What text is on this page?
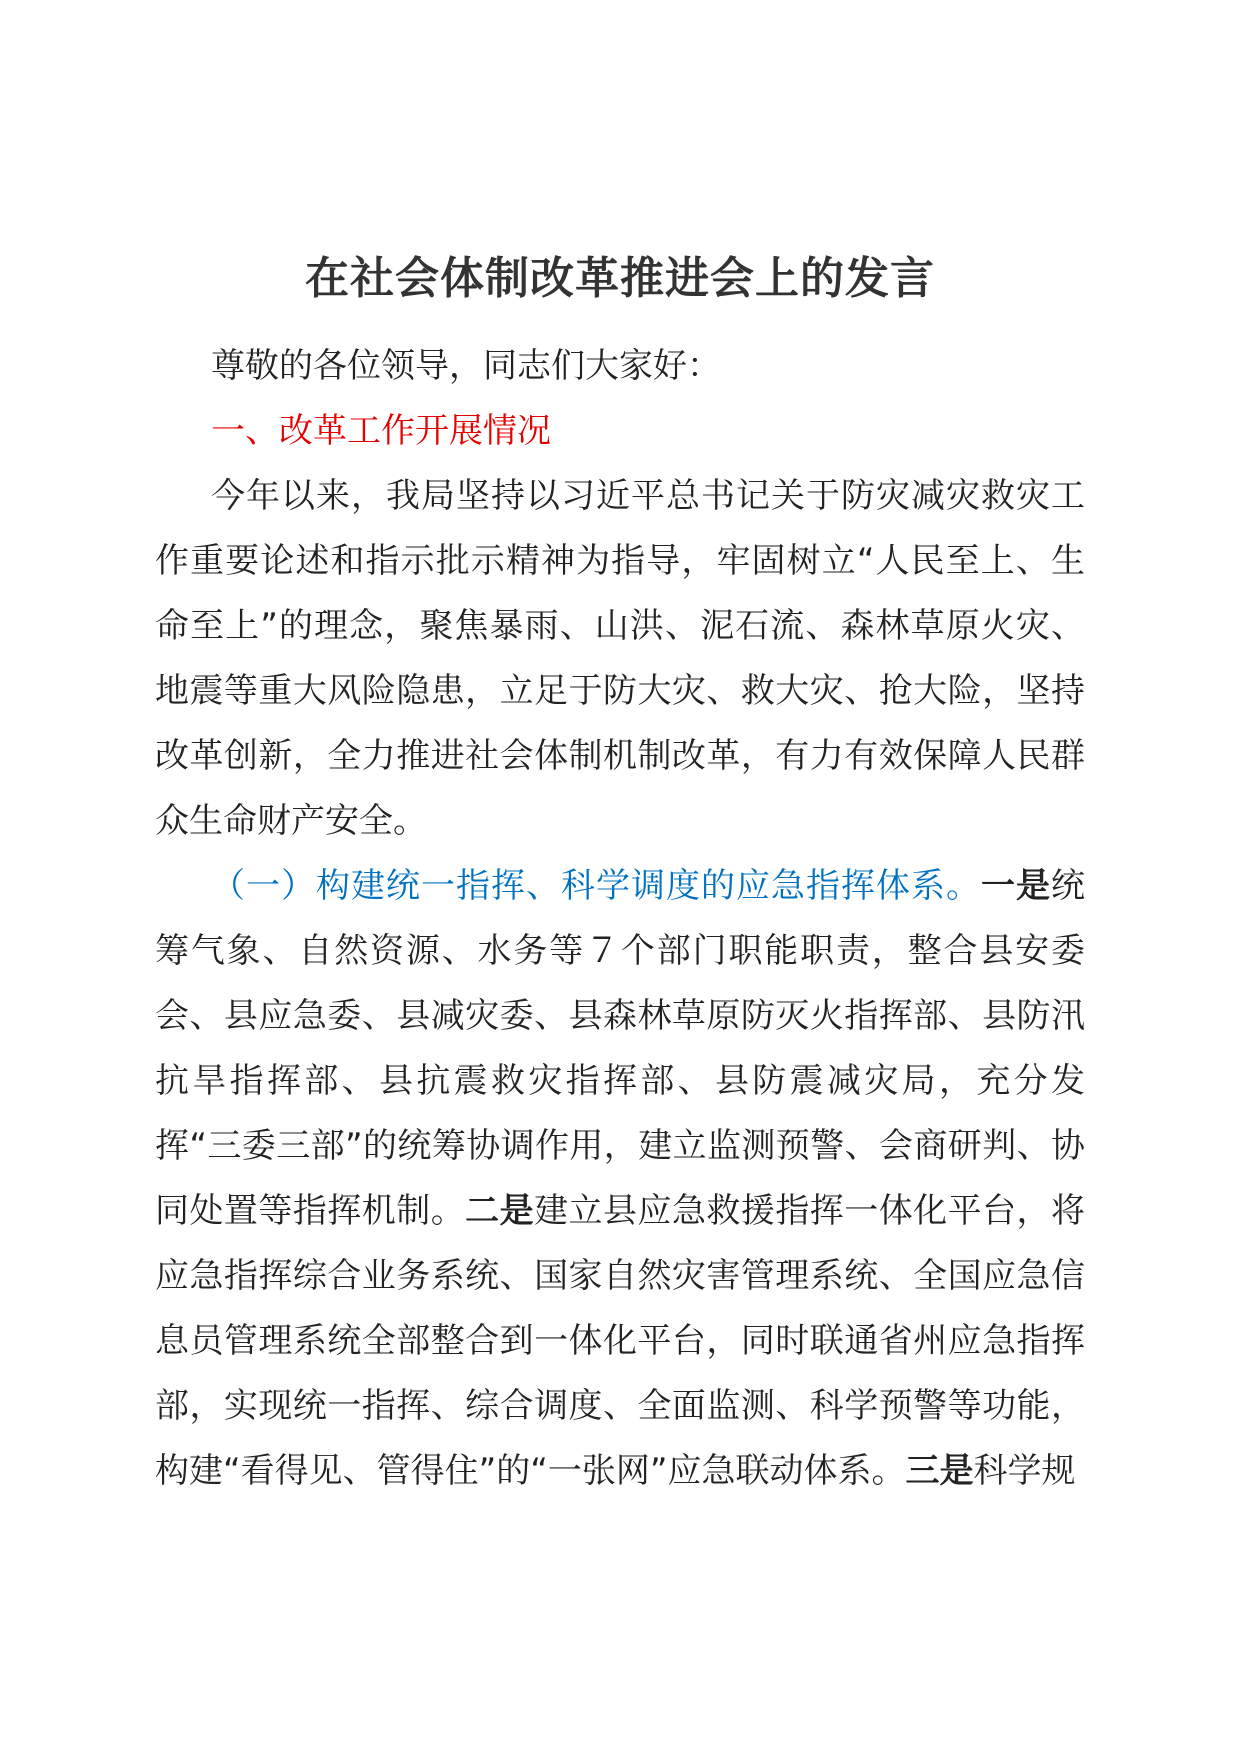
在社会体制改革推进会上的发言

尊敬的各位领导，同志们大家好：

一、改革工作开展情况

今年以来，我局坚持以习近平总书记关于防灾减灾救灾工作重要论述和指示批示精神为指导，牢固树立“人民至上、生命至上”的理念，聚焦暴雨、山洪、泥石流、森林草原火灾、地震等重大风险隐患，立足于防大灾、救大灾、抢大险，坚持改革创新，全力推进社会体制机制改革，有力有效保障人民群众生命财产安全。

（一）构建统一指挥、科学调度的应急指挥体系。一是统筹气象、自然资源、水务等７个部门职能职责，整合县安委会、县应急委、县减灾委、县森林草原防灭火指挥部、县防汛抗旱指挥部、县抗震救灾指挥部、县防震减灾局，充分发挥“三委三部”的统筹协调作用，建立监测预警、会商研判、协同处置等指挥机制。二是建立县应急救援指挥一体化平台，将应急指挥综合业务系统、国家自然灾害管理系统、全国应急信息员管理系统全部整合到一体化平台，同时联通省州应急指挥部，实现统一指挥、综合调度、全面监测、科学预警等功能，构建“看得见、管得住”的“一张网”应急联动体系。三是科学规
